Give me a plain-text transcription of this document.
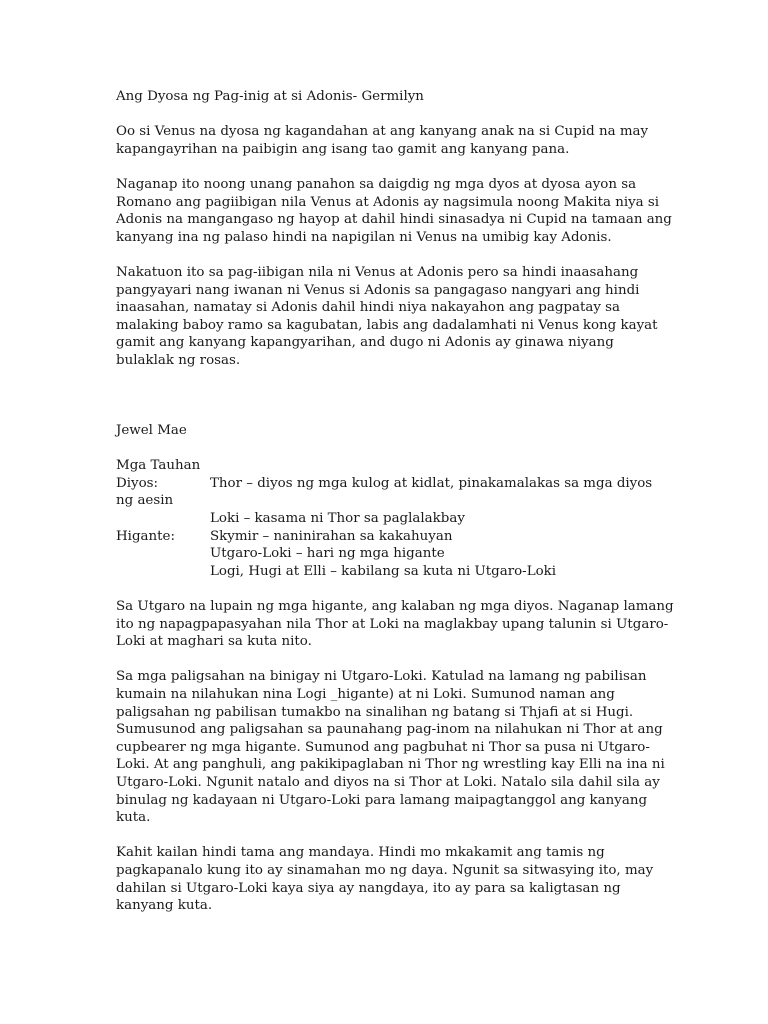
Ang Dyosa ng Pag-inig at si Adonis- Germilyn
Oo si Venus na dyosa ng kagandahan at ang kanyang anak na si Cupid na may
kapangayrihan na paibigin ang isang tao gamit ang kanyang pana.
Naganap ito noong unang panahon sa daigdig ng mga dyos at dyosa ayon sa
Romano ang pagiibigan nila Venus at Adonis ay nagsimula noong Makita niya si
Adonis na mangangaso ng hayop at dahil hindi sinasadya ni Cupid na tamaan ang
kanyang ina ng palaso hindi na napigilan ni Venus na umibig kay Adonis.
Nakatuon ito sa pag-iibigan nila ni Venus at Adonis pero sa hindi inaasahang
pangyayari nang iwanan ni Venus si Adonis sa pangagaso nangyari ang hindi
inaasahan, namatay si Adonis dahil hindi niya nakayahon ang pagpatay sa
malaking baboy ramo sa kagubatan, labis ang dadalamhati ni Venus kong kayat
gamit ang kanyang kapangyarihan, and dugo ni Adonis ay ginawa niyang
bulaklak ng rosas.
Jewel Mae
Mga Tauhan
Diyos:	Thor – diyos ng mga kulog at kidlat, pinakamalakas sa mga diyos
ng aesin
Loki – kasama ni Thor sa paglalakbay
Higante:	Skymir – naninirahan sa kakahuyan
Utgaro-Loki – hari ng mga higante
Logi, Hugi at Elli – kabilang sa kuta ni Utgaro-Loki
Sa Utgaro na lupain ng mga higante, ang kalaban ng mga diyos. Naganap lamang
ito ng napagpapasyahan nila Thor at Loki na maglakbay upang talunin si Utgaro-
Loki at maghari sa kuta nito.
Sa mga paligsahan na binigay ni Utgaro-Loki. Katulad na lamang ng pabilisan
kumain na nilahukan nina Logi _higante) at ni Loki. Sumunod naman ang
paligsahan ng pabilisan tumakbo na sinalihan ng batang si Thjafi at si Hugi.
Sumusunod ang paligsahan sa paunahang pag-inom na nilahukan ni Thor at ang
cupbearer ng mga higante. Sumunod ang pagbuhat ni Thor sa pusa ni Utgaro-
Loki. At ang panghuli, ang pakikipaglaban ni Thor ng wrestling kay Elli na ina ni
Utgaro-Loki. Ngunit natalo and diyos na si Thor at Loki. Natalo sila dahil sila ay
binulag ng kadayaan ni Utgaro-Loki para lamang maipagtanggol ang kanyang
kuta.
Kahit kailan hindi tama ang mandaya. Hindi mo mkakamit ang tamis ng
pagkapanalo kung ito ay sinamahan mo ng daya. Ngunit sa sitwasying ito, may
dahilan si Utgaro-Loki kaya siya ay nangdaya, ito ay para sa kaligtasan ng
kanyang kuta.
